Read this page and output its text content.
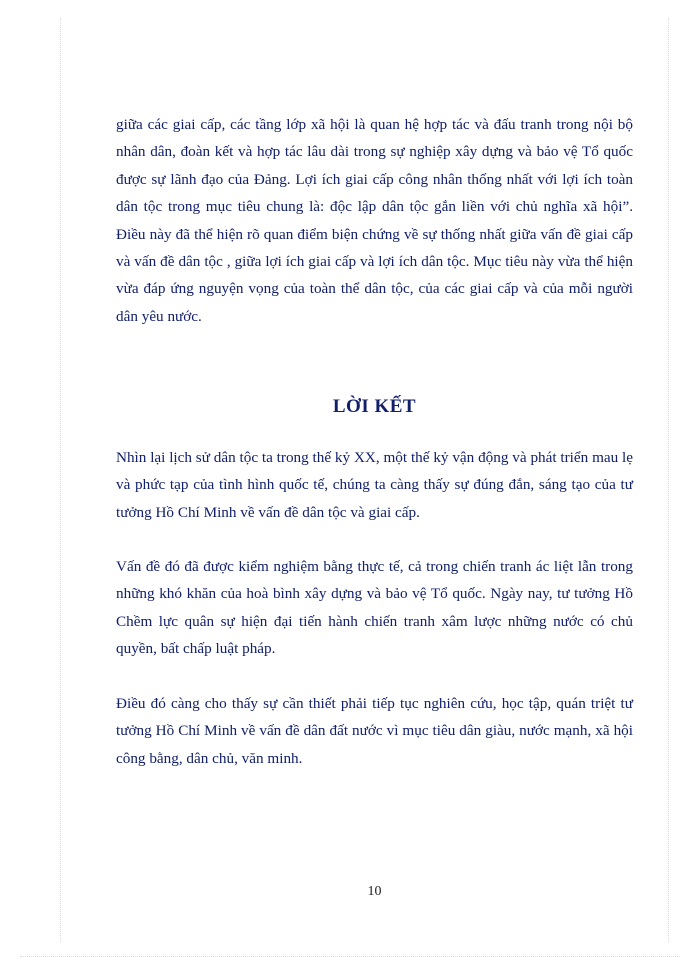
giữa các giai cấp, các tầng lớp xã hội là quan hệ hợp tác và đấu tranh trong nội bộ nhân dân, đoàn kết và hợp tác lâu dài trong sự nghiệp xây dựng và bảo vệ Tổ quốc được sự lãnh đạo của Đảng. Lợi ích giai cấp công nhân thống nhất với lợi ích toàn dân tộc trong mục tiêu chung là: độc lập dân tộc gắn liền với chủ nghĩa xã hội”. Điều này đã thể hiện rõ quan điểm biện chứng về sự thống nhất giữa vấn đề giai cấp và vấn đề dân tộc , giữa lợi ích giai cấp và lợi ích dân tộc. Mục tiêu này vừa thể hiện vừa đáp ứng nguyện vọng của toàn thể dân tộc, của các giai cấp và của mỗi người dân yêu nước.

LỜI KẾT

Nhìn lại lịch sử dân tộc ta trong thế kỷ XX, một thế kỷ vận động và phát triển mau lẹ và phức tạp của tình hình quốc tế, chúng ta càng thấy sự đúng đắn, sáng tạo của tư tưởng Hồ Chí Minh về vấn đề dân tộc và giai cấp.

Vấn đề đó đã được kiểm nghiệm bằng thực tế, cả trong chiến tranh ác liệt lẫn trong những khó khăn của hoà bình xây dựng và bảo vệ Tổ quốc. Ngày nay, tư tưởng Hồ Chềm lực quân sự hiện đại tiến hành chiến tranh xâm lược những nước có chủ quyền, bất chấp luật pháp.

Điều đó càng cho thấy sự cần thiết phải tiếp tục nghiên cứu, học tập, quán triệt tư tưởng Hồ Chí Minh về vấn đề dân đất nước vì mục tiêu dân giàu, nước mạnh, xã hội công bằng, dân chủ, văn minh.

10
